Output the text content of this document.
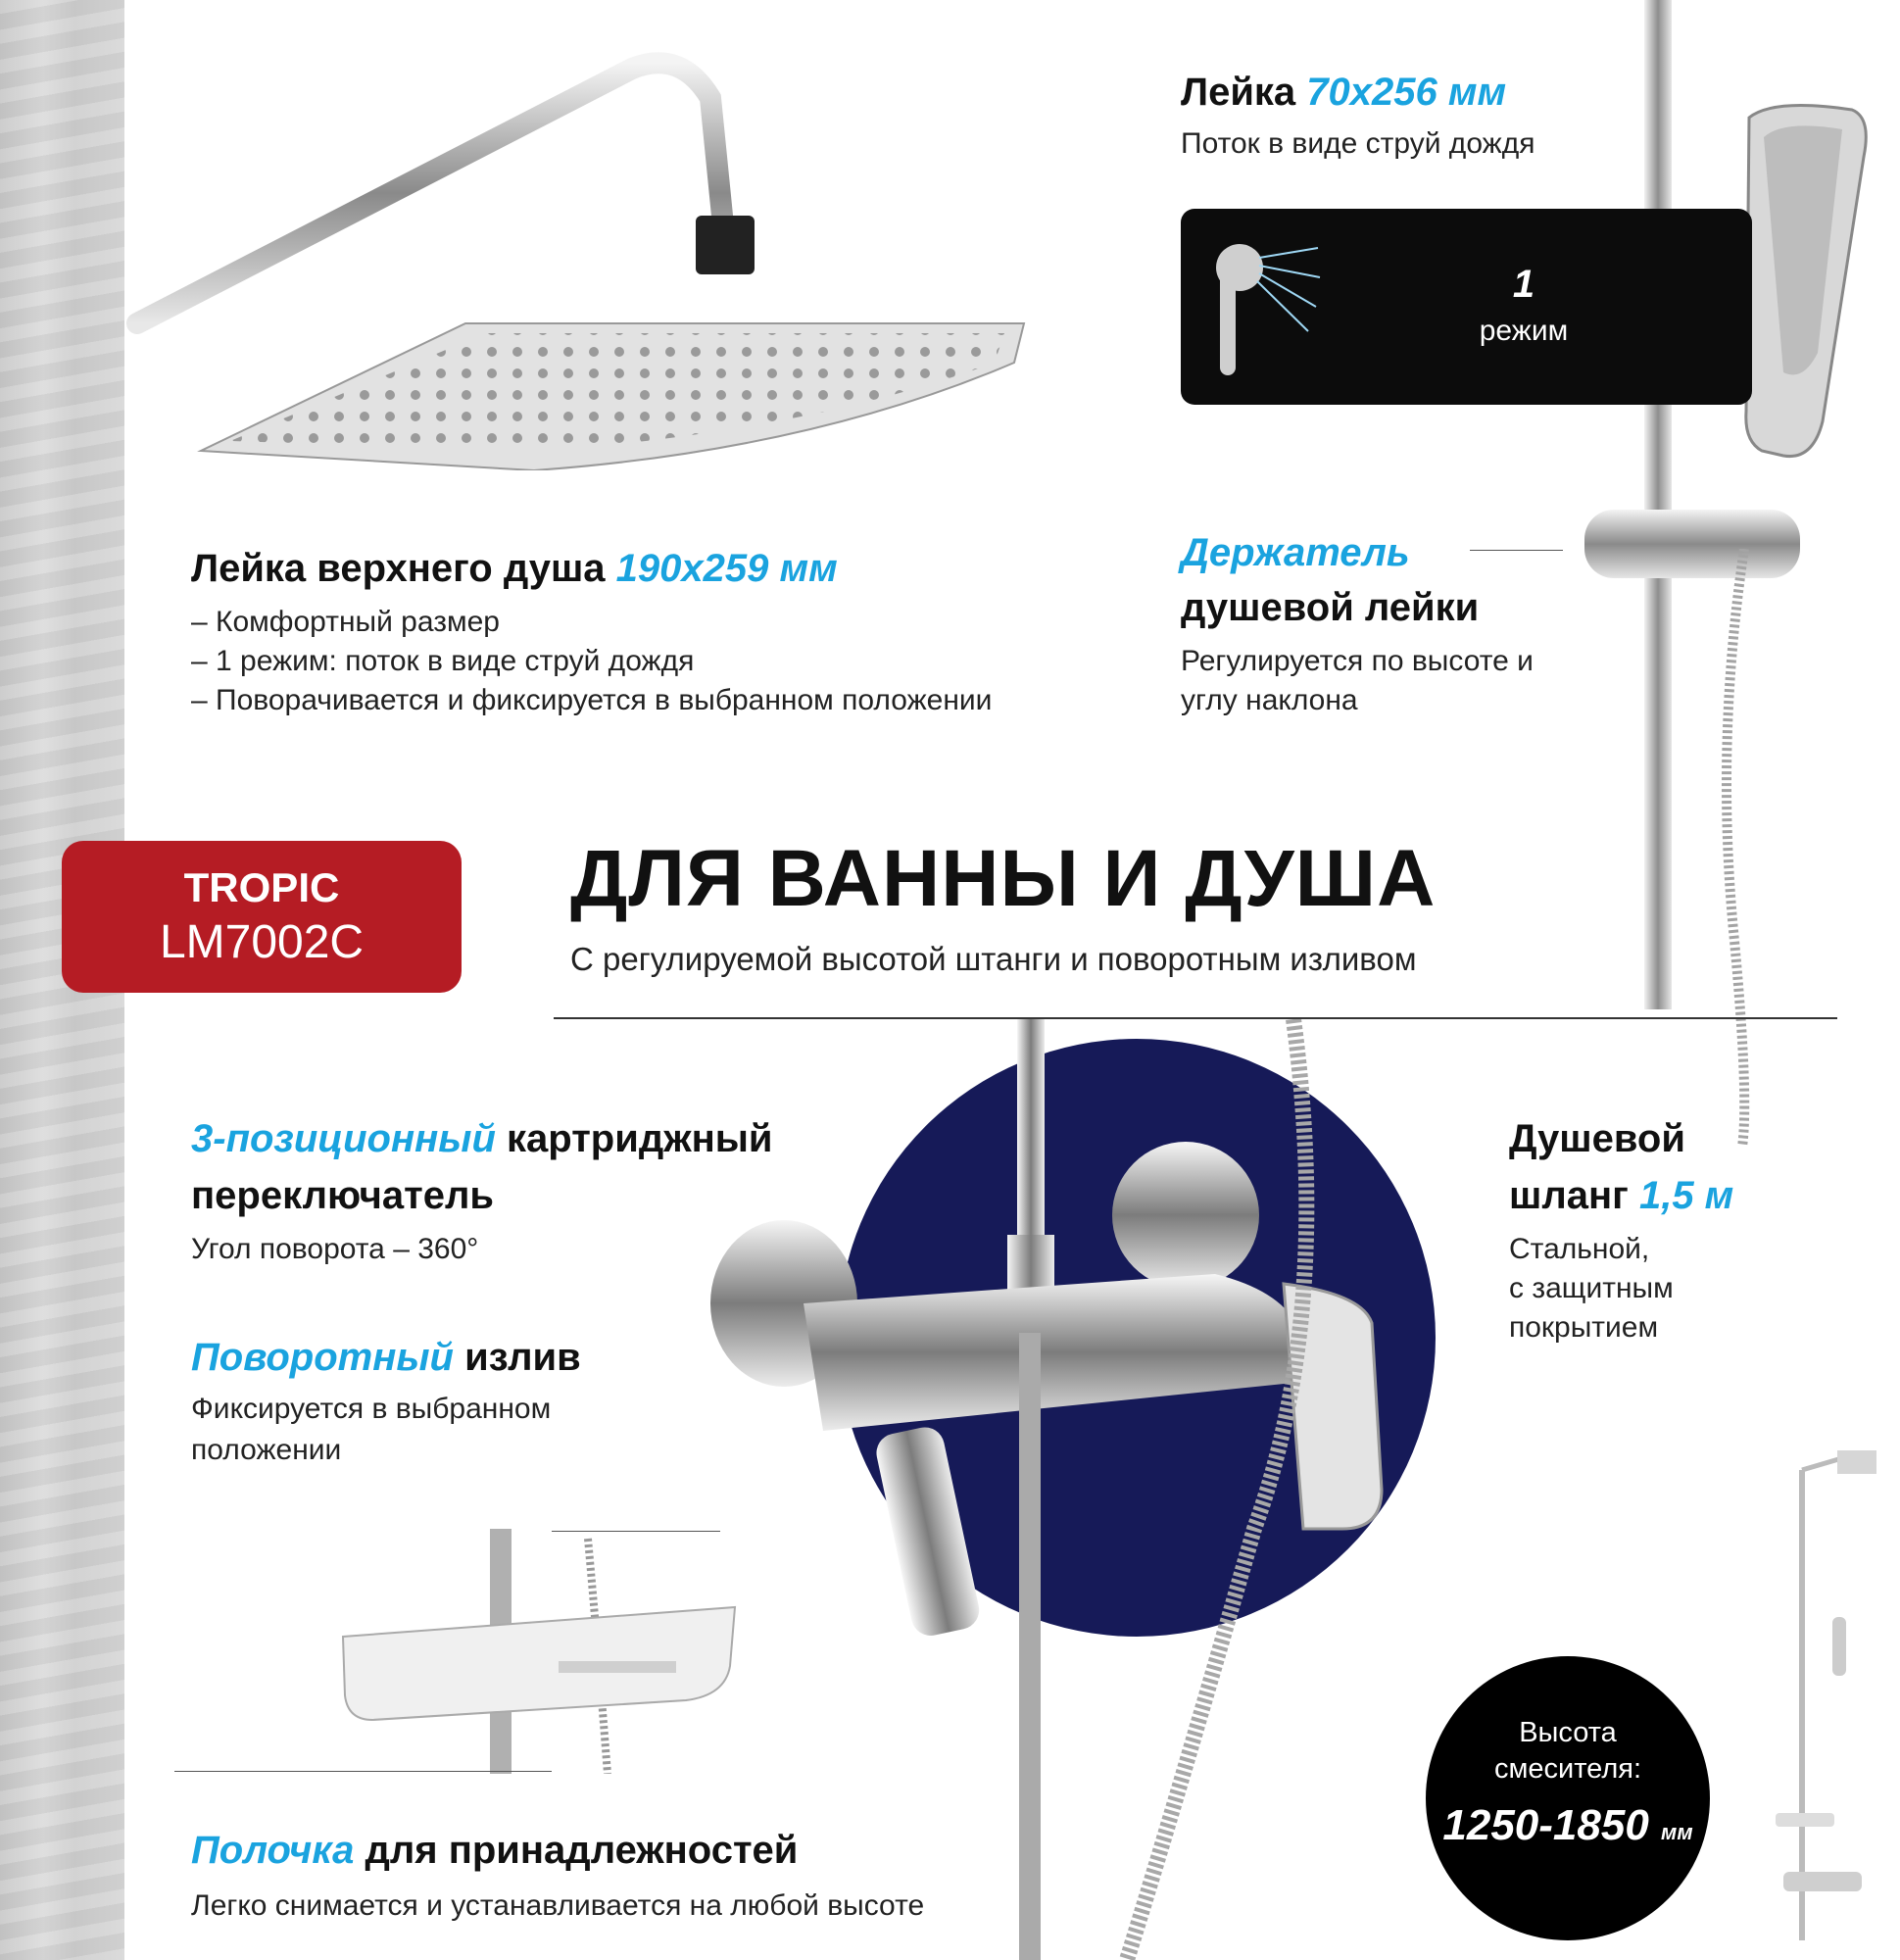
Лейка 70x256 мм
Поток в виде струй дождя
1
режим
Лейка верхнего душа 190x259 мм
– Комфортный размер
– 1 режим: поток в виде струй дождя
– Поворачивается и фиксируется в выбранном положении
Держатель
душевой лейки
Регулируется по высоте и
углу наклона
TROPIC
LM7002C
ДЛЯ ВАННЫ И ДУША
С регулируемой высотой штанги и поворотным изливом
3-позиционный картриджный
переключатель
Угол поворота – 360°
Поворотный излив
Фиксируется в выбранном
положении
Душевой
шланг 1,5 м
Стальной,
с защитным
покрытием
Полочка для принадлежностей
Легко снимается и устанавливается на любой высоте
Высота
смесителя:
1250-1850 мм
